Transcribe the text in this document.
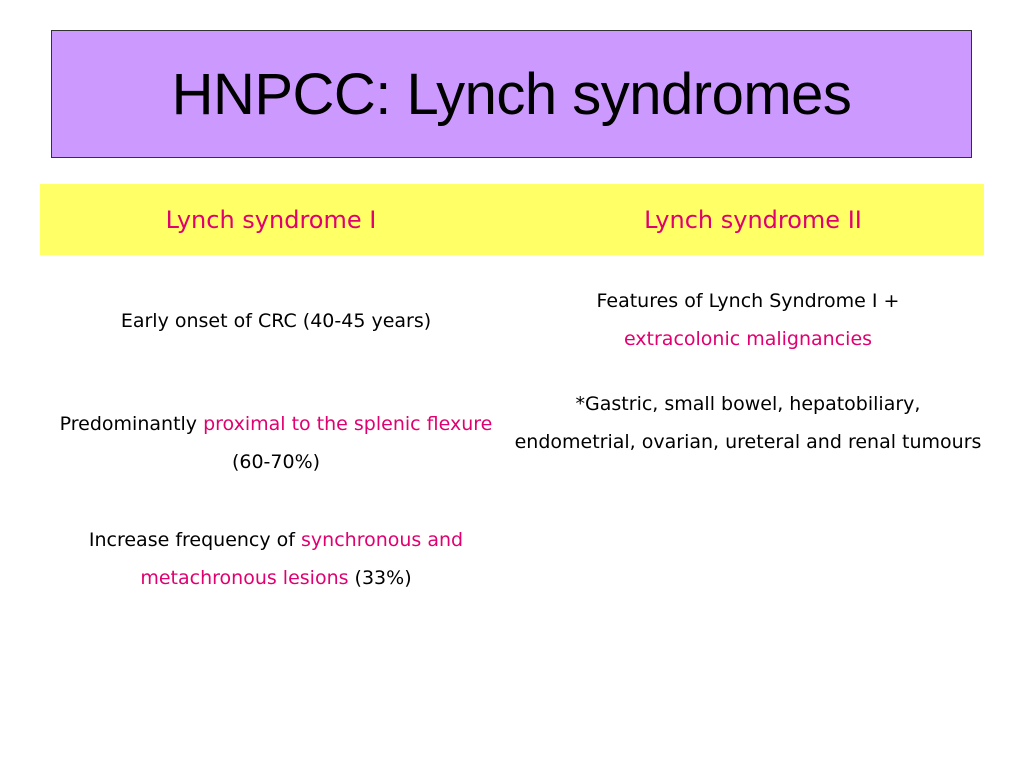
HNPCC: Lynch syndromes
Lynch syndrome I	Lynch syndrome II
Early onset of CRC (40-45 years)
Predominantly proximal to the splenic flexure (60-70%)
Increase frequency of synchronous and metachronous lesions (33%)
Features of Lynch Syndrome I +
extracolonic malignancies
*Gastric, small bowel, hepatobiliary, endometrial, ovarian, ureteral and renal tumours
